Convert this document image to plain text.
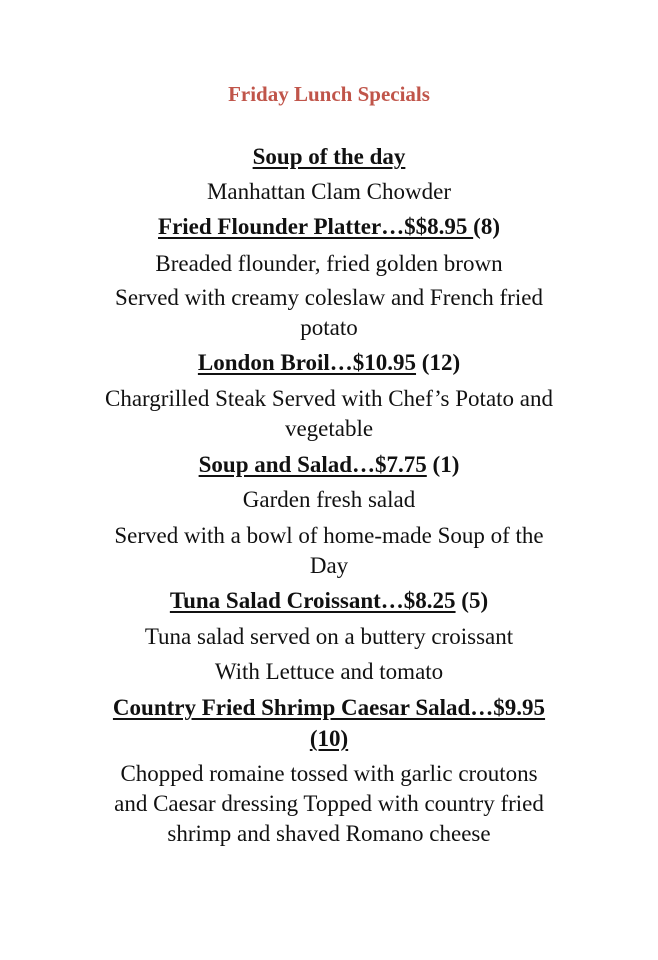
Friday Lunch Specials
Soup of the day
Manhattan Clam Chowder
Fried Flounder Platter…$$8.95 (8)
Breaded flounder, fried golden brown
Served with creamy coleslaw and French fried
potato
London Broil…$10.95 (12)
Chargrilled Steak Served with Chef’s Potato and
vegetable
Soup and Salad…$7.75 (1)
Garden fresh salad
Served with a bowl of home-made Soup of the
Day
Tuna Salad Croissant…$8.25 (5)
Tuna salad served on a buttery croissant
With Lettuce and tomato
Country Fried Shrimp Caesar Salad…$9.95
(10)
Chopped romaine tossed with garlic croutons
and Caesar dressing Topped with country fried
shrimp and shaved Romano cheese
